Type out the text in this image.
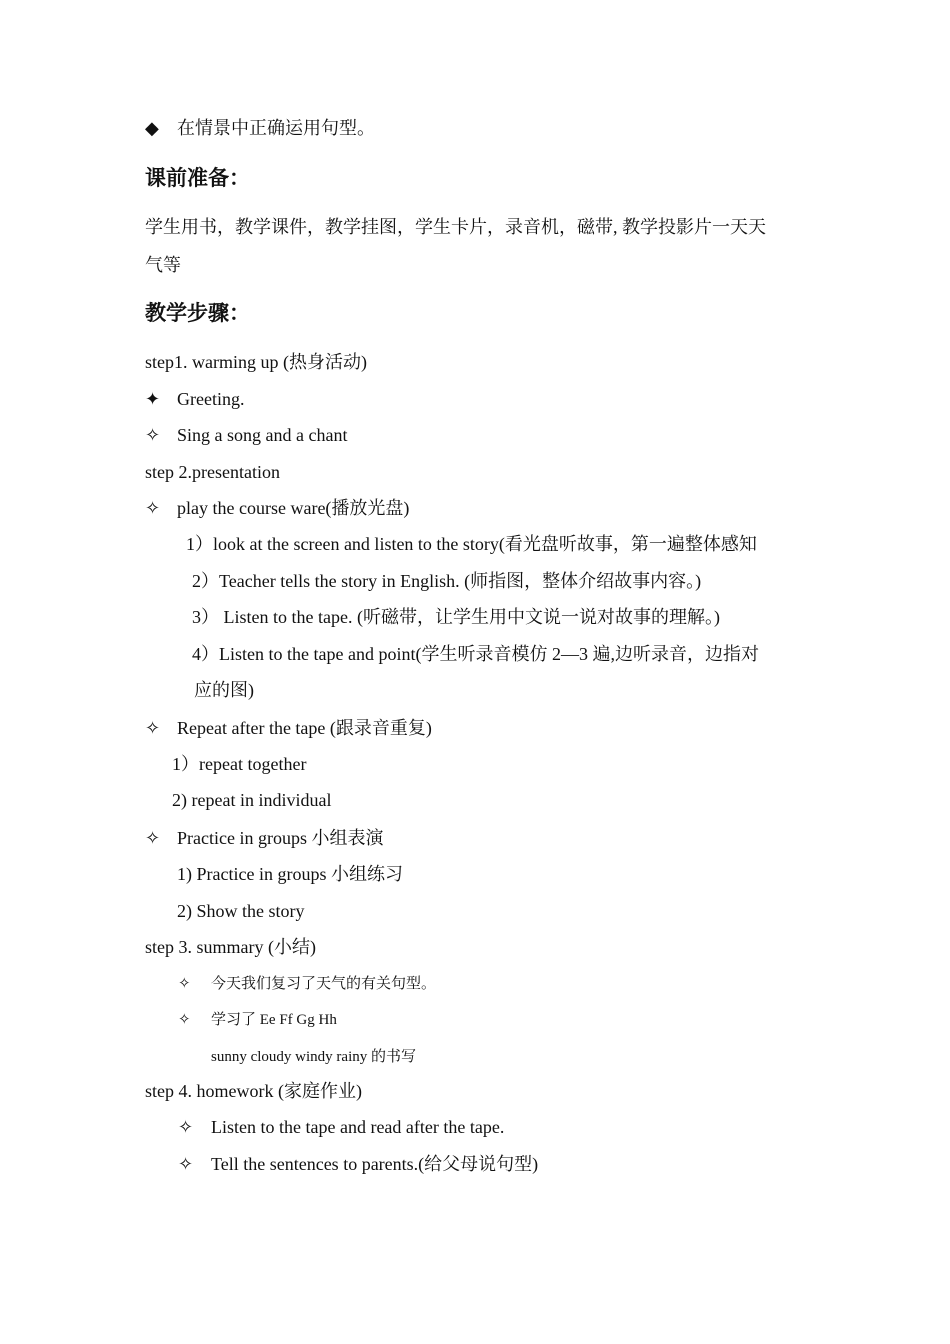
◆ 在情景中正确运用句型。
课前准备：
学生用书，教学课件，教学挂图，学生卡片，录音机，磁带, 教学投影片一天天
气等
教学步骤：
step1. warming up (热身活动)
✦ Greeting.
✧ Sing a song and a chant
step 2.presentation
✧ play the course ware(播放光盘)
1）look at the screen and listen to the story(看光盘听故事，第一遍整体感知
2）Teacher tells the story in English. (师指图，整体介绍故事内容。)
3） Listen to the tape. (听磁带，让学生用中文说一说对故事的理解。)
4）Listen to the tape and point(学生听录音模仿 2—3 遍,边听录音，边指对
应的图)
✧ Repeat after the tape (跟录音重复)
1）repeat together
2) repeat in individual
✧ Practice in groups 小组表演
1) Practice in groups 小组练习
2) Show the story
step 3. summary (小结)
✧ 今天我们复习了天气的有关句型。
✧ 学习了 Ee Ff Gg Hh
sunny cloudy windy rainy 的书写
step 4. homework (家庭作业)
✧ Listen to the tape and read after the tape.
✧ Tell the sentences to parents.(给父母说句型)
